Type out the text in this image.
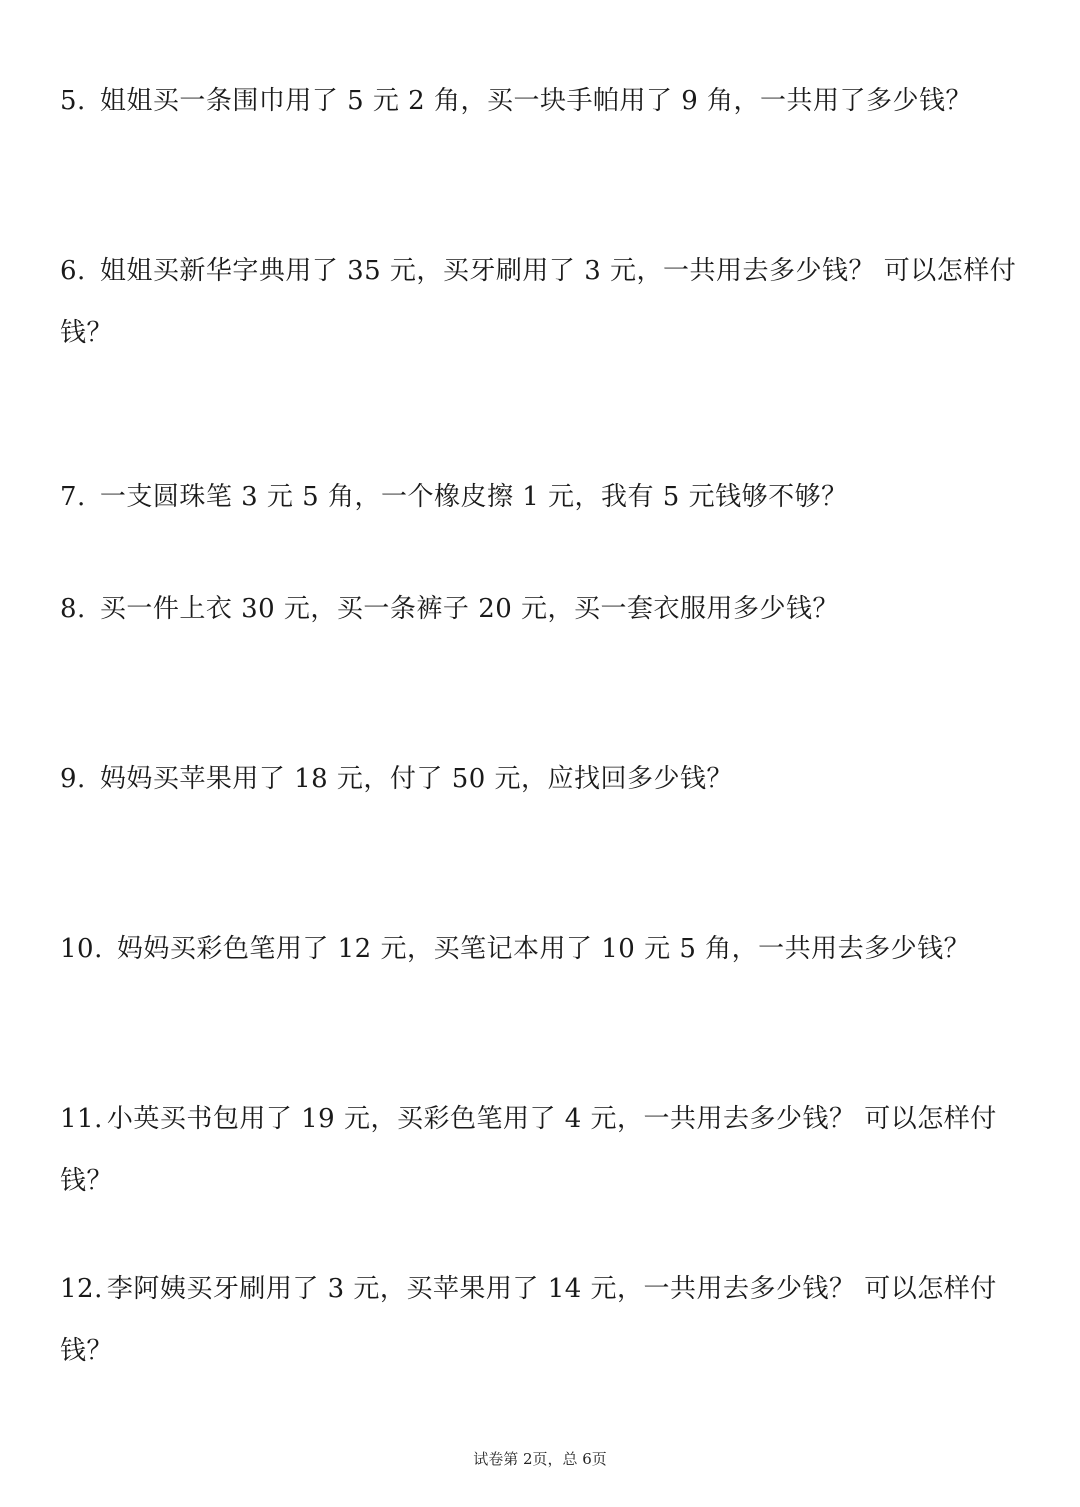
5. 姐姐买一条围巾用了 5 元 2 角，买一块手帕用了 9 角，一共用了多少钱？
6. 姐姐买新华字典用了 35 元，买牙刷用了 3 元，一共用去多少钱？ 可以怎样付钱？
7. 一支圆珠笔 3 元 5 角，一个橡皮擦 1 元，我有 5 元钱够不够？
8. 买一件上衣 30 元，买一条裤子 20 元，买一套衣服用多少钱？
9. 妈妈买苹果用了 18 元，付了 50 元，应找回多少钱？
10. 妈妈买彩色笔用了 12 元，买笔记本用了 10 元 5 角，一共用去多少钱？
11. 小英买书包用了 19 元，买彩色笔用了 4 元，一共用去多少钱？ 可以怎样付钱？
12. 李阿姨买牙刷用了 3 元，买苹果用了 14 元，一共用去多少钱？ 可以怎样付钱？
试卷第 2页，总 6页
